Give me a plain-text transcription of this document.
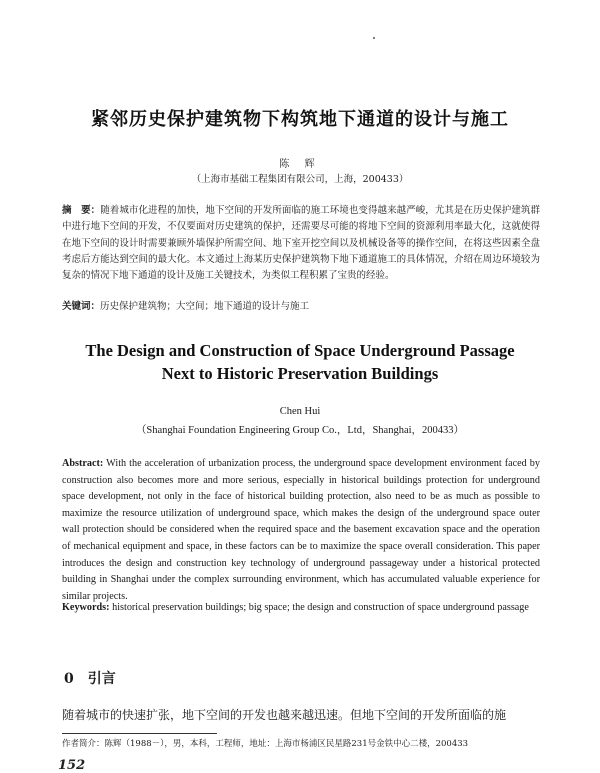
紧邻历史保护建筑物下构筑地下通道的设计与施工
陈 辉
（上海市基础工程集团有限公司，上海，200433）
摘　要：随着城市化进程的加快，地下空间的开发所面临的施工环境也变得越来越严峻，尤其是在历史保护建筑群中进行地下空间的开发，不仅要面对历史建筑的保护，还需要尽可能的将地下空间的资源利用率最大化，这就使得在地下空间的设计时需要兼顾外墙保护所需空间、地下室开挖空间以及机械设备等的操作空间，在将这些因素全盘考虑后方能达到空间的最大化。本文通过上海某历史保护建筑物下地下通道施工的具体情况，介绍在周边环境较为复杂的情况下地下通道的设计及施工关键技术，为类似工程积累了宝贵的经验。
关键词：历史保护建筑物；大空间；地下通道的设计与施工
The Design and Construction of Space Underground Passage
Next to Historic Preservation Buildings
Chen Hui
（Shanghai Foundation Engineering Group Co.，Ltd，Shanghai，200433）
Abstract: With the acceleration of urbanization process, the underground space development environment faced by construction also becomes more and more serious, especially in historical buildings protection for underground space development, not only in the face of historical building protection, also need to be as much as possible to maximize the resource utilization of underground space, which makes the design of the underground space outer wall protection should be considered when the required space and the basement excavation space and the operation of mechanical equipment and space, in these factors can be to maximize the space overall consideration. This paper introduces the design and construction key technology of underground passageway under a historical protected building in Shanghai under the complex surrounding environment, which has accumulated valuable experience for similar projects.
Keywords: historical preservation buildings; big space; the design and construction of space underground passage
0 引言
随着城市的快速扩张，地下空间的开发也越来越迅速。但地下空间的开发所面临的施
作者简介：陈辉（1988－），男，本科，工程师，地址：上海市杨浦区民星路231号金铁中心二楼，200433
152
